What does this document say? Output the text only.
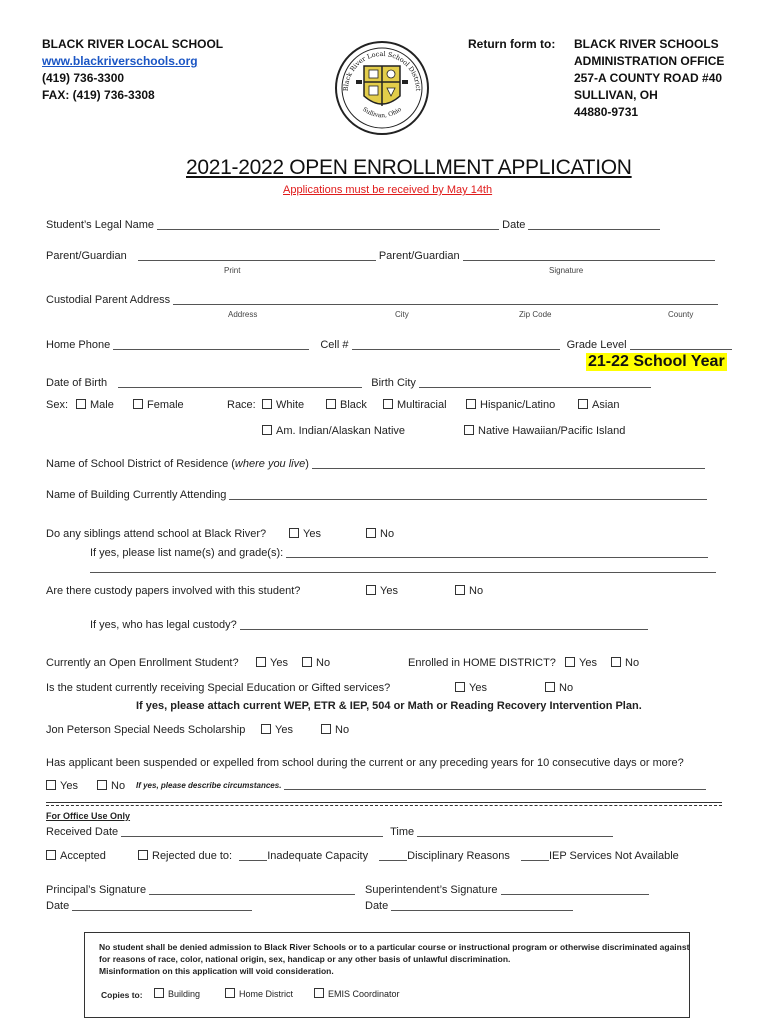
BLACK RIVER LOCAL SCHOOL
www.blackriverschools.org
(419) 736-3300
FAX: (419) 736-3308	Black River Local School District
Sullivan, Ohio
Return form to: BLACK RIVER SCHOOLS
ADMINISTRATION OFFICE
257-A COUNTY ROAD #40
SULLIVAN, OH
44880-9731
2021-2022 OPEN ENROLLMENT APPLICATION
Applications must be received by May 14th
Student’s Legal Name	Date
Parent/Guardian	Parent/Guardian
Print	Signature
Custodial Parent Address
Address	City	Zip Code	County
Home Phone	Cell #	Grade Level
21-22 School Year
Date of Birth	Birth City
Sex:	Male	Female	Race:	White	Black	Multiracial	Hispanic/Latino	Asian
Am. Indian/Alaskan Native	Native Hawaiian/Pacific Island
Name of School District of Residence (where you live)
Name of Building Currently Attending
Do any siblings attend school at Black River?	Yes	No
If yes, please list name(s) and grade(s):
Are there custody papers involved with this student?	Yes	No
If yes, who has legal custody?
Currently an Open Enrollment Student?	Yes	No	Enrolled in HOME DISTRICT?	Yes	No
Is the student currently receiving Special Education or Gifted services?	Yes	No
If yes, please attach current WEP, ETR & IEP, 504 or Math or Reading Recovery Intervention Plan.
Jon Peterson Special Needs Scholarship	Yes	No
Has applicant been suspended or expelled from school during the current or any preceding years for 10 consecutive days or more?
Yes	No If yes, please describe circumstances.
For Office Use Only
Received Date	Time
Accepted	Rejected due to:	Inadequate Capacity	Disciplinary Reasons	IEP Services Not Available
Principal’s Signature	Superintendent’s Signature
Date	Date
No student shall be denied admission to Black River Schools or to a particular course or instructional program or otherwise discriminated against
for reasons of race, color, national origin, sex, handicap or any other basis of unlawful discrimination.
Misinformation on this application will void consideration.
Copies to:	Building	Home District	EMIS Coordinator
